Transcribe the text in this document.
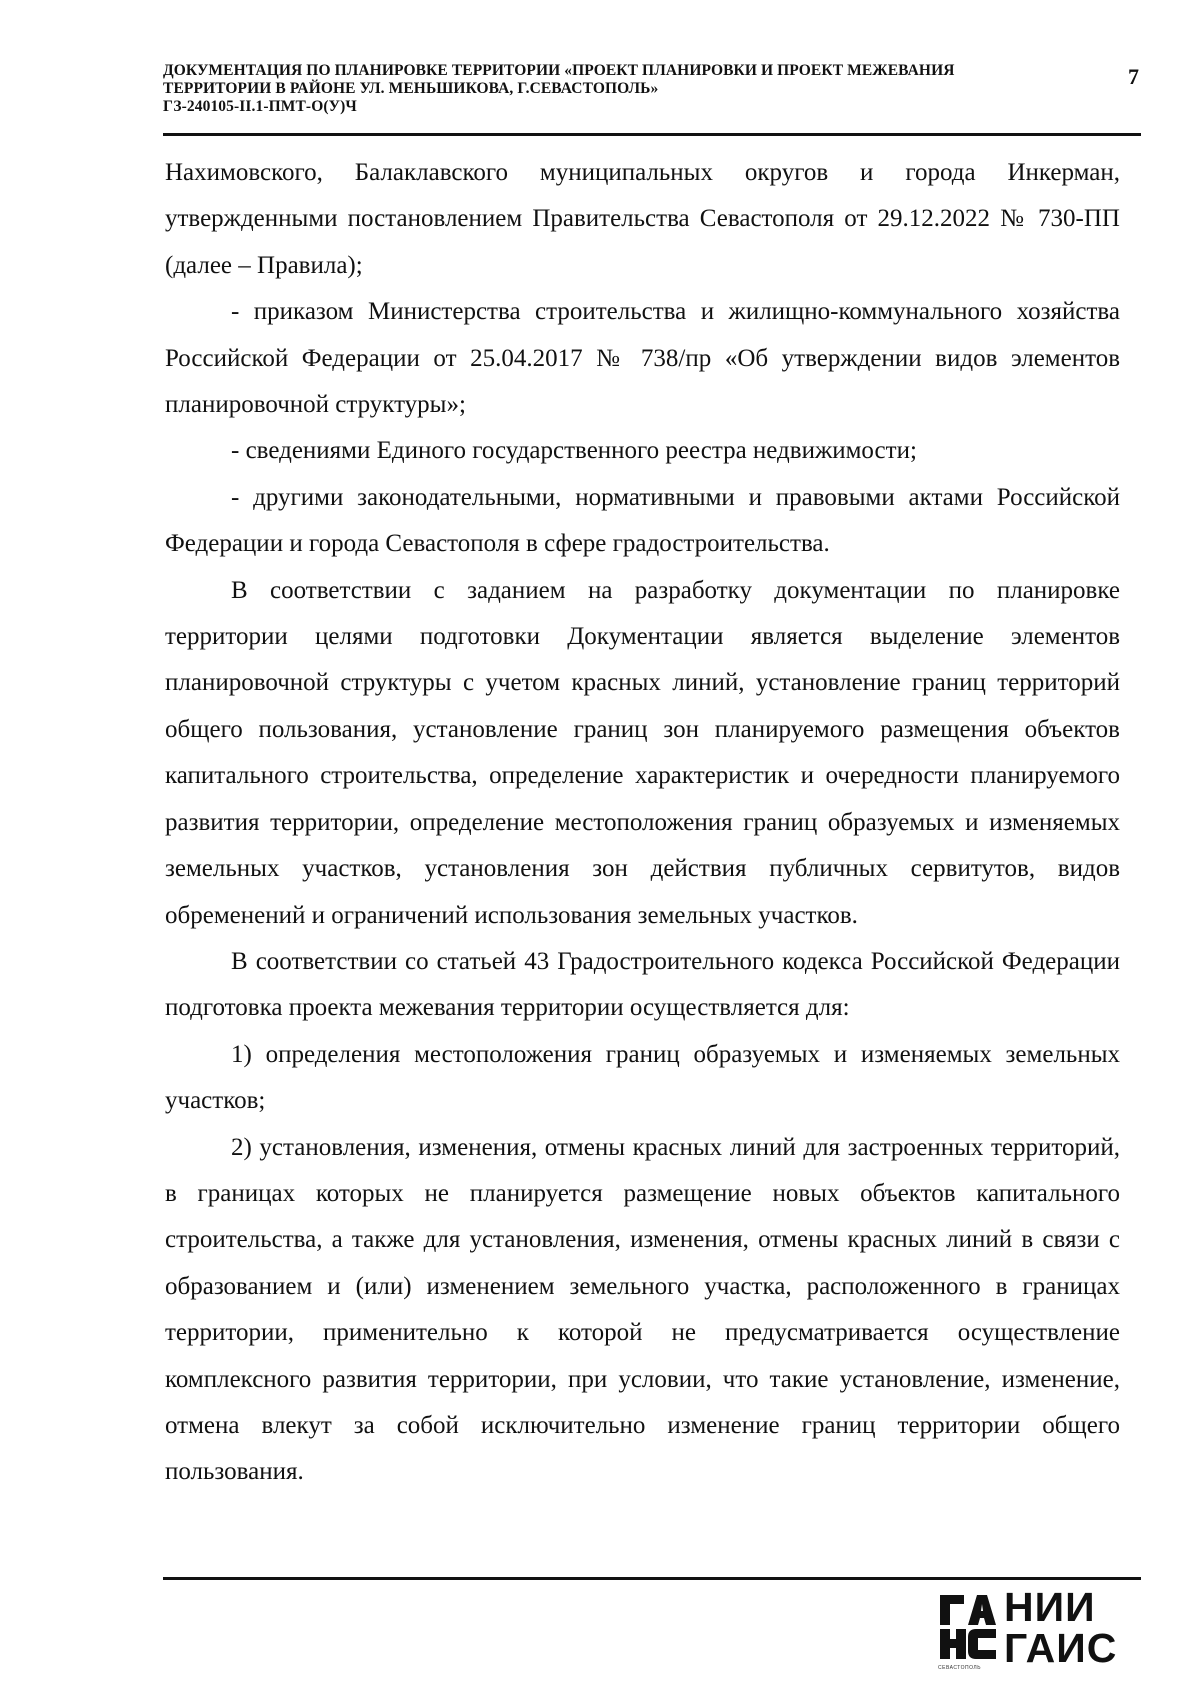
ДОКУМЕНТАЦИЯ ПО ПЛАНИРОВКЕ ТЕРРИТОРИИ «ПРОЕКТ ПЛАНИРОВКИ И ПРОЕКТ МЕЖЕВАНИЯ
ТЕРРИТОРИИ В РАЙОНЕ УЛ. МЕНЬШИКОВА, Г.СЕВАСТОПОЛЬ»
ГЗ-240105-II.1-ПМТ-О(У)Ч
7

Нахимовского, Балаклавского муниципальных округов и города Инкерман, утвержденными постановлением Правительства Севастополя от 29.12.2022 № 730-ПП (далее – Правила);

- приказом Министерства строительства и жилищно-коммунального хозяйства Российской Федерации от 25.04.2017 № 738/пр «Об утверждении видов элементов планировочной структуры»;

- сведениями Единого государственного реестра недвижимости;

- другими законодательными, нормативными и правовыми актами Российской Федерации и города Севастополя в сфере градостроительства.

В соответствии с заданием на разработку документации по планировке территории целями подготовки Документации является выделение элементов планировочной структуры с учетом красных линий, установление границ территорий общего пользования, установление границ зон планируемого размещения объектов капитального строительства, определение характеристик и очередности планируемого развития территории, определение местоположения границ образуемых и изменяемых земельных участков, установления зон действия публичных сервитутов, видов обременений и ограничений использования земельных участков.

В соответствии со статьей 43 Градостроительного кодекса Российской Федерации подготовка проекта межевания территории осуществляется для:

1) определения местоположения границ образуемых и изменяемых земельных участков;

2) установления, изменения, отмены красных линий для застроенных территорий, в границах которых не планируется размещение новых объектов капитального строительства, а также для установления, изменения, отмены красных линий в связи с образованием и (или) изменением земельного участка, расположенного в границах территории, применительно к которой не предусматривается осуществление комплексного развития территории, при условии, что такие установление, изменение, отмена влекут за собой исключительно изменение границ территории общего пользования.

НИИ
ГАИС
СЕВАСТОПОЛЬ
